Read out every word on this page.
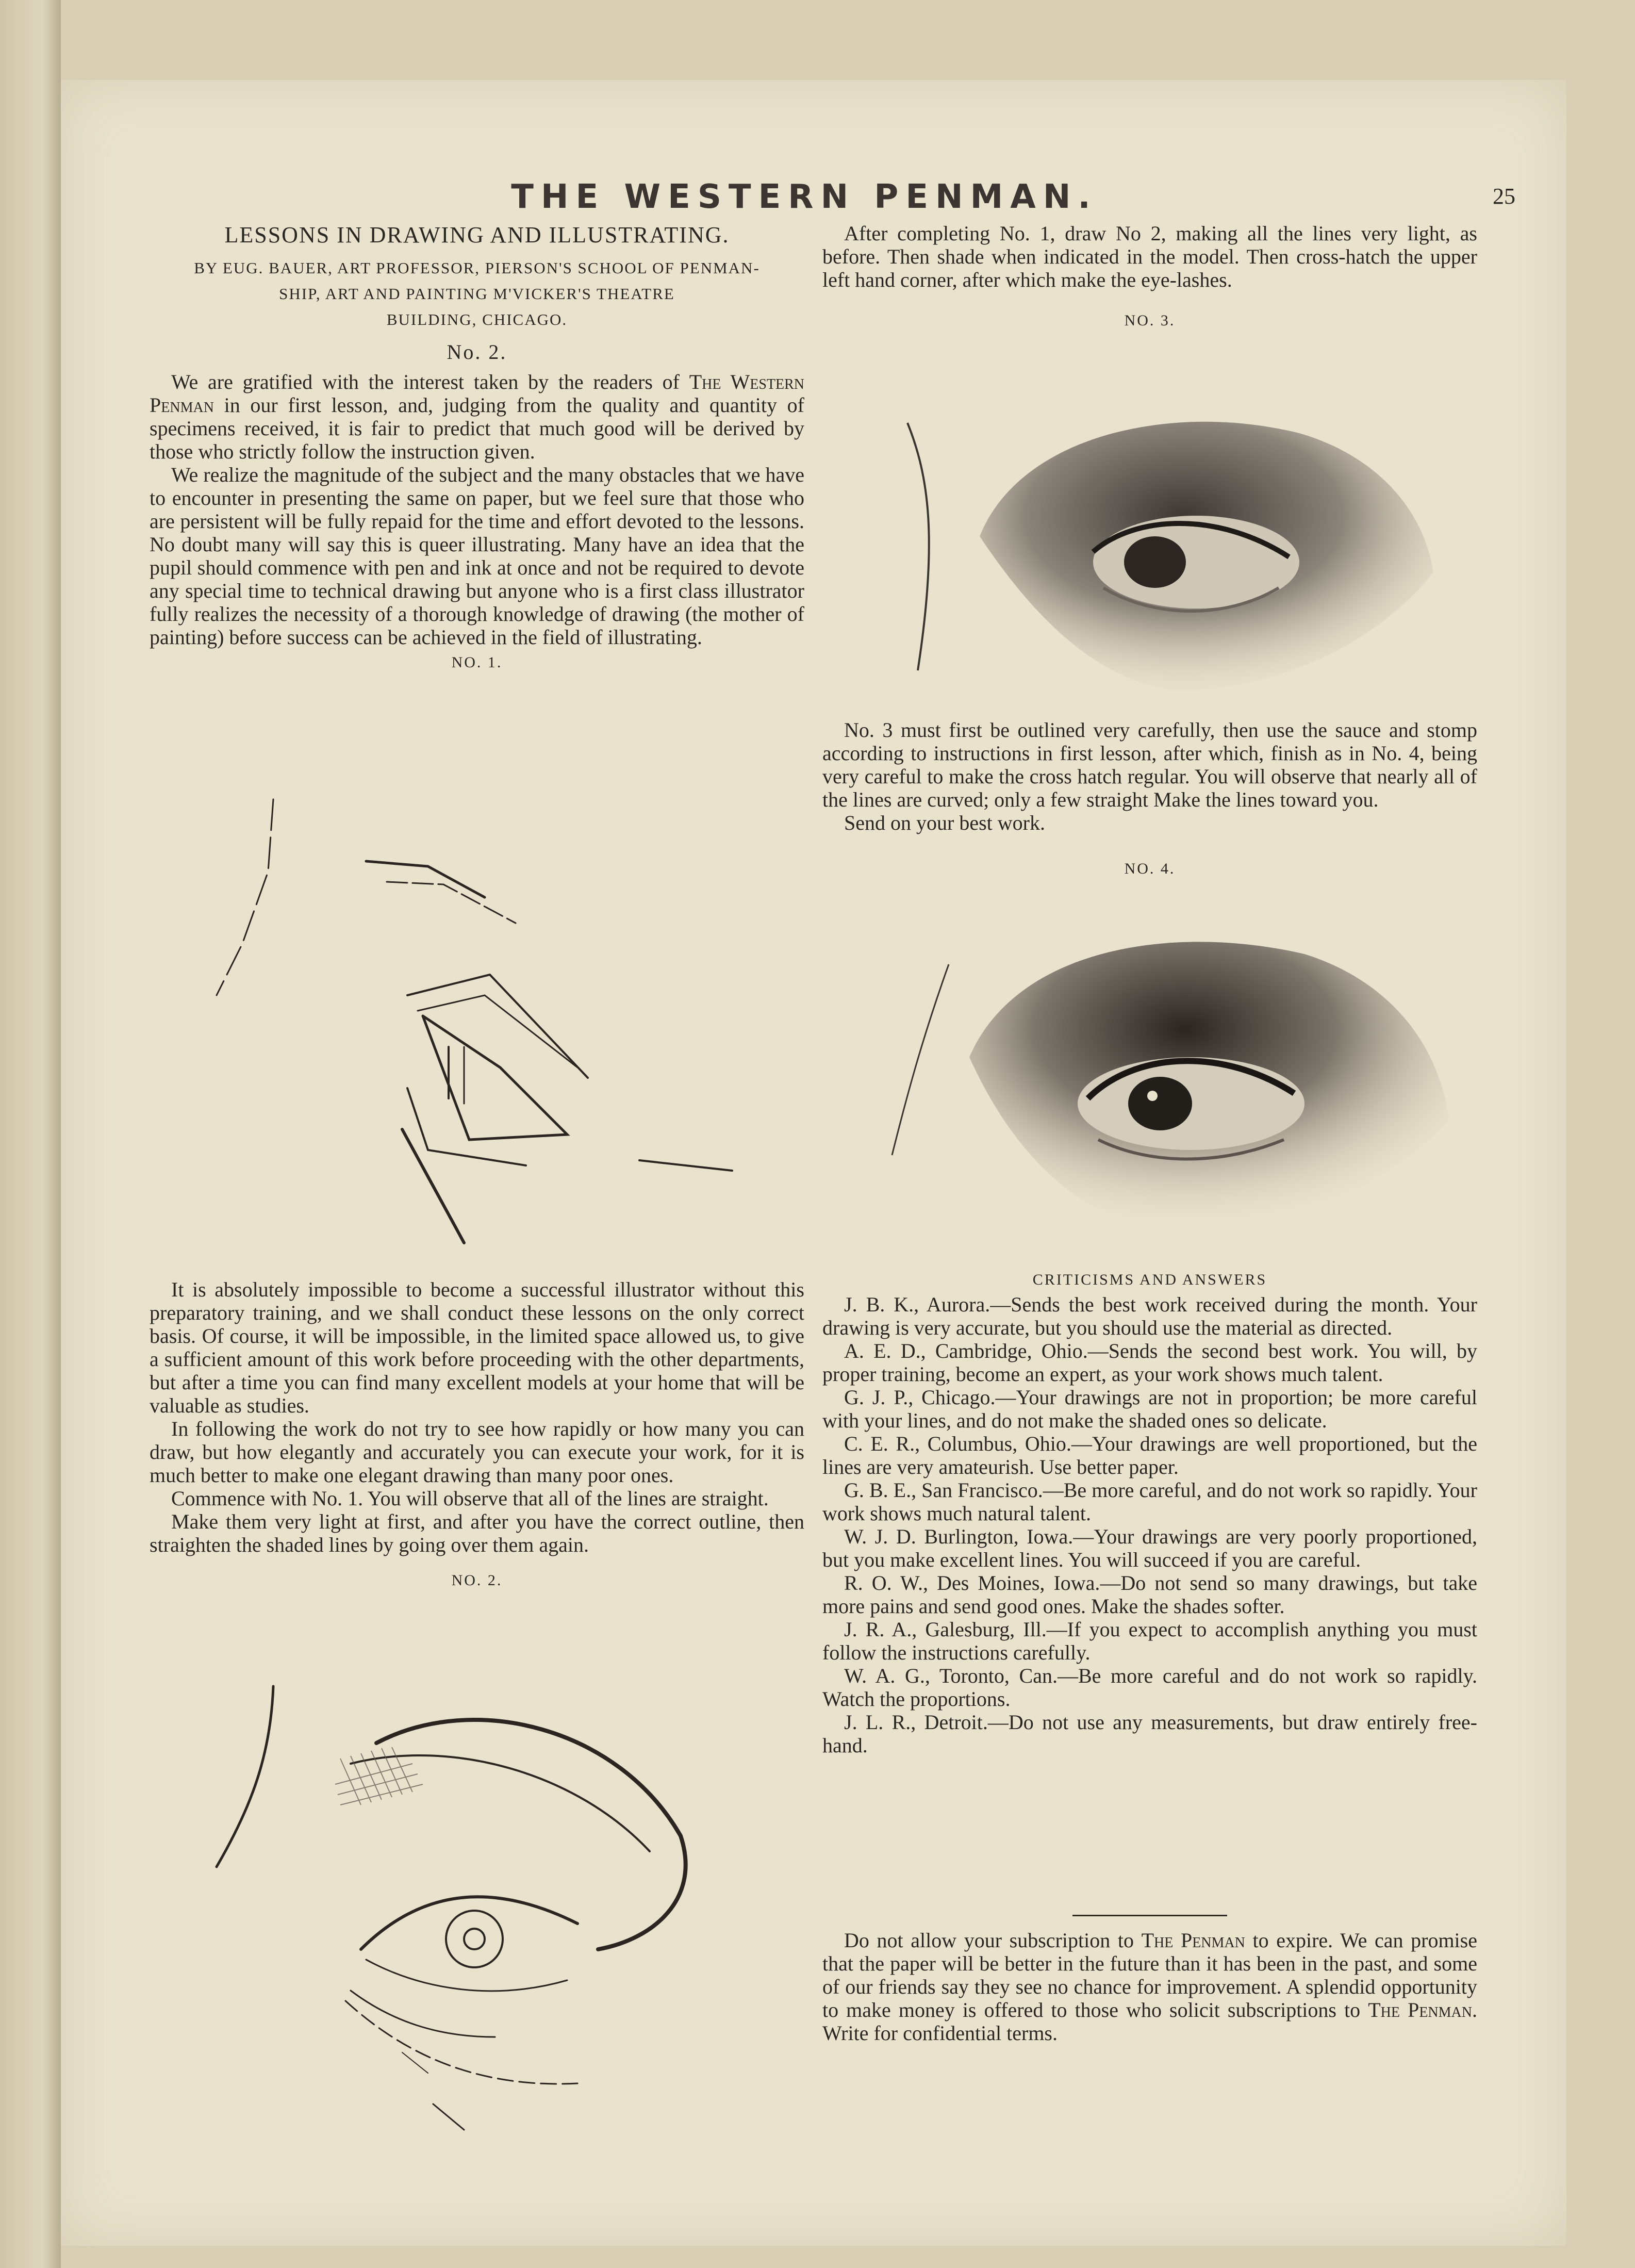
THE WESTERN PENMAN.	25
LESSONS IN DRAWING AND ILLUSTRATING.
BY EUG. BAUER, ART PROFESSOR, PIERSON'S SCHOOL OF PENMAN-
SHIP, ART AND PAINTING M'VICKER'S THEATRE
BUILDING, CHICAGO.
No. 2.

We are gratified with the interest taken by the readers of The Western Penman in our first lesson, and, judging from the quality and quantity of specimens received, it is fair to predict that much good will be derived by those who strictly follow the instruction given.

We realize the magnitude of the subject and the many obstacles that we have to encounter in presenting the same on paper, but we feel sure that those who are persistent will be fully repaid for the time and effort devoted to the lessons. No doubt many will say this is queer illustrating. Many have an idea that the pupil should commence with pen and ink at once and not be required to devote any special time to technical drawing but anyone who is a first class illustrator fully realizes the necessity of a thorough knowledge of drawing (the mother of painting) before success can be achieved in the field of illustrating.

NO. 1.

It is absolutely impossible to become a successful illustrator without this preparatory training, and we shall conduct these lessons on the only correct basis. Of course, it will be impossible, in the limited space allowed us, to give a sufficient amount of this work before proceeding with the other departments, but after a time you can find many excellent models at your home that will be valuable as studies.

In following the work do not try to see how rapidly or how many you can draw, but how elegantly and accurately you can execute your work, for it is much better to make one elegant drawing than many poor ones.

Commence with No. 1. You will observe that all of the lines are straight.

Make them very light at first, and after you have the correct outline, then straighten the shaded lines by going over them again.

NO. 2.

After completing No. 1, draw No 2, making all the lines very light, as before. Then shade when indicated in the model. Then cross-hatch the upper left hand corner, after which make the eye-lashes.

NO. 3.

No. 3 must first be outlined very carefully, then use the sauce and stomp according to instructions in first lesson, after which, finish as in No. 4, being very careful to make the cross hatch regular. You will observe that nearly all of the lines are curved; only a few straight Make the lines toward you.

Send on your best work.

NO. 4.
CRITICISMS AND ANSWERS

J. B. K., Aurora.—Sends the best work received during the month. Your drawing is very accurate, but you should use the material as directed.

A. E. D., Cambridge, Ohio.—Sends the second best work. You will, by proper training, become an expert, as your work shows much talent.

G. J. P., Chicago.—Your drawings are not in proportion; be more careful with your lines, and do not make the shaded ones so delicate.

C. E. R., Columbus, Ohio.—Your drawings are well proportioned, but the lines are very amateurish. Use better paper.

G. B. E., San Francisco.—Be more careful, and do not work so rapidly. Your work shows much natural talent.

W. J. D. Burlington, Iowa.—Your drawings are very poorly proportioned, but you make excellent lines. You will succeed if you are careful.

R. O. W., Des Moines, Iowa.—Do not send so many drawings, but take more pains and send good ones. Make the shades softer.

J. R. A., Galesburg, Ill.—If you expect to accomplish anything you must follow the instructions carefully.

W. A. G., Toronto, Can.—Be more careful and do not work so rapidly. Watch the proportions.

J. L. R., Detroit.—Do not use any measurements, but draw entirely free-hand.

Do not allow your subscription to The Penman to expire. We can promise that the paper will be better in the future than it has been in the past, and some of our friends say they see no chance for improvement. A splendid opportunity to make money is offered to those who solicit subscriptions to The Penman. Write for confidential terms.
